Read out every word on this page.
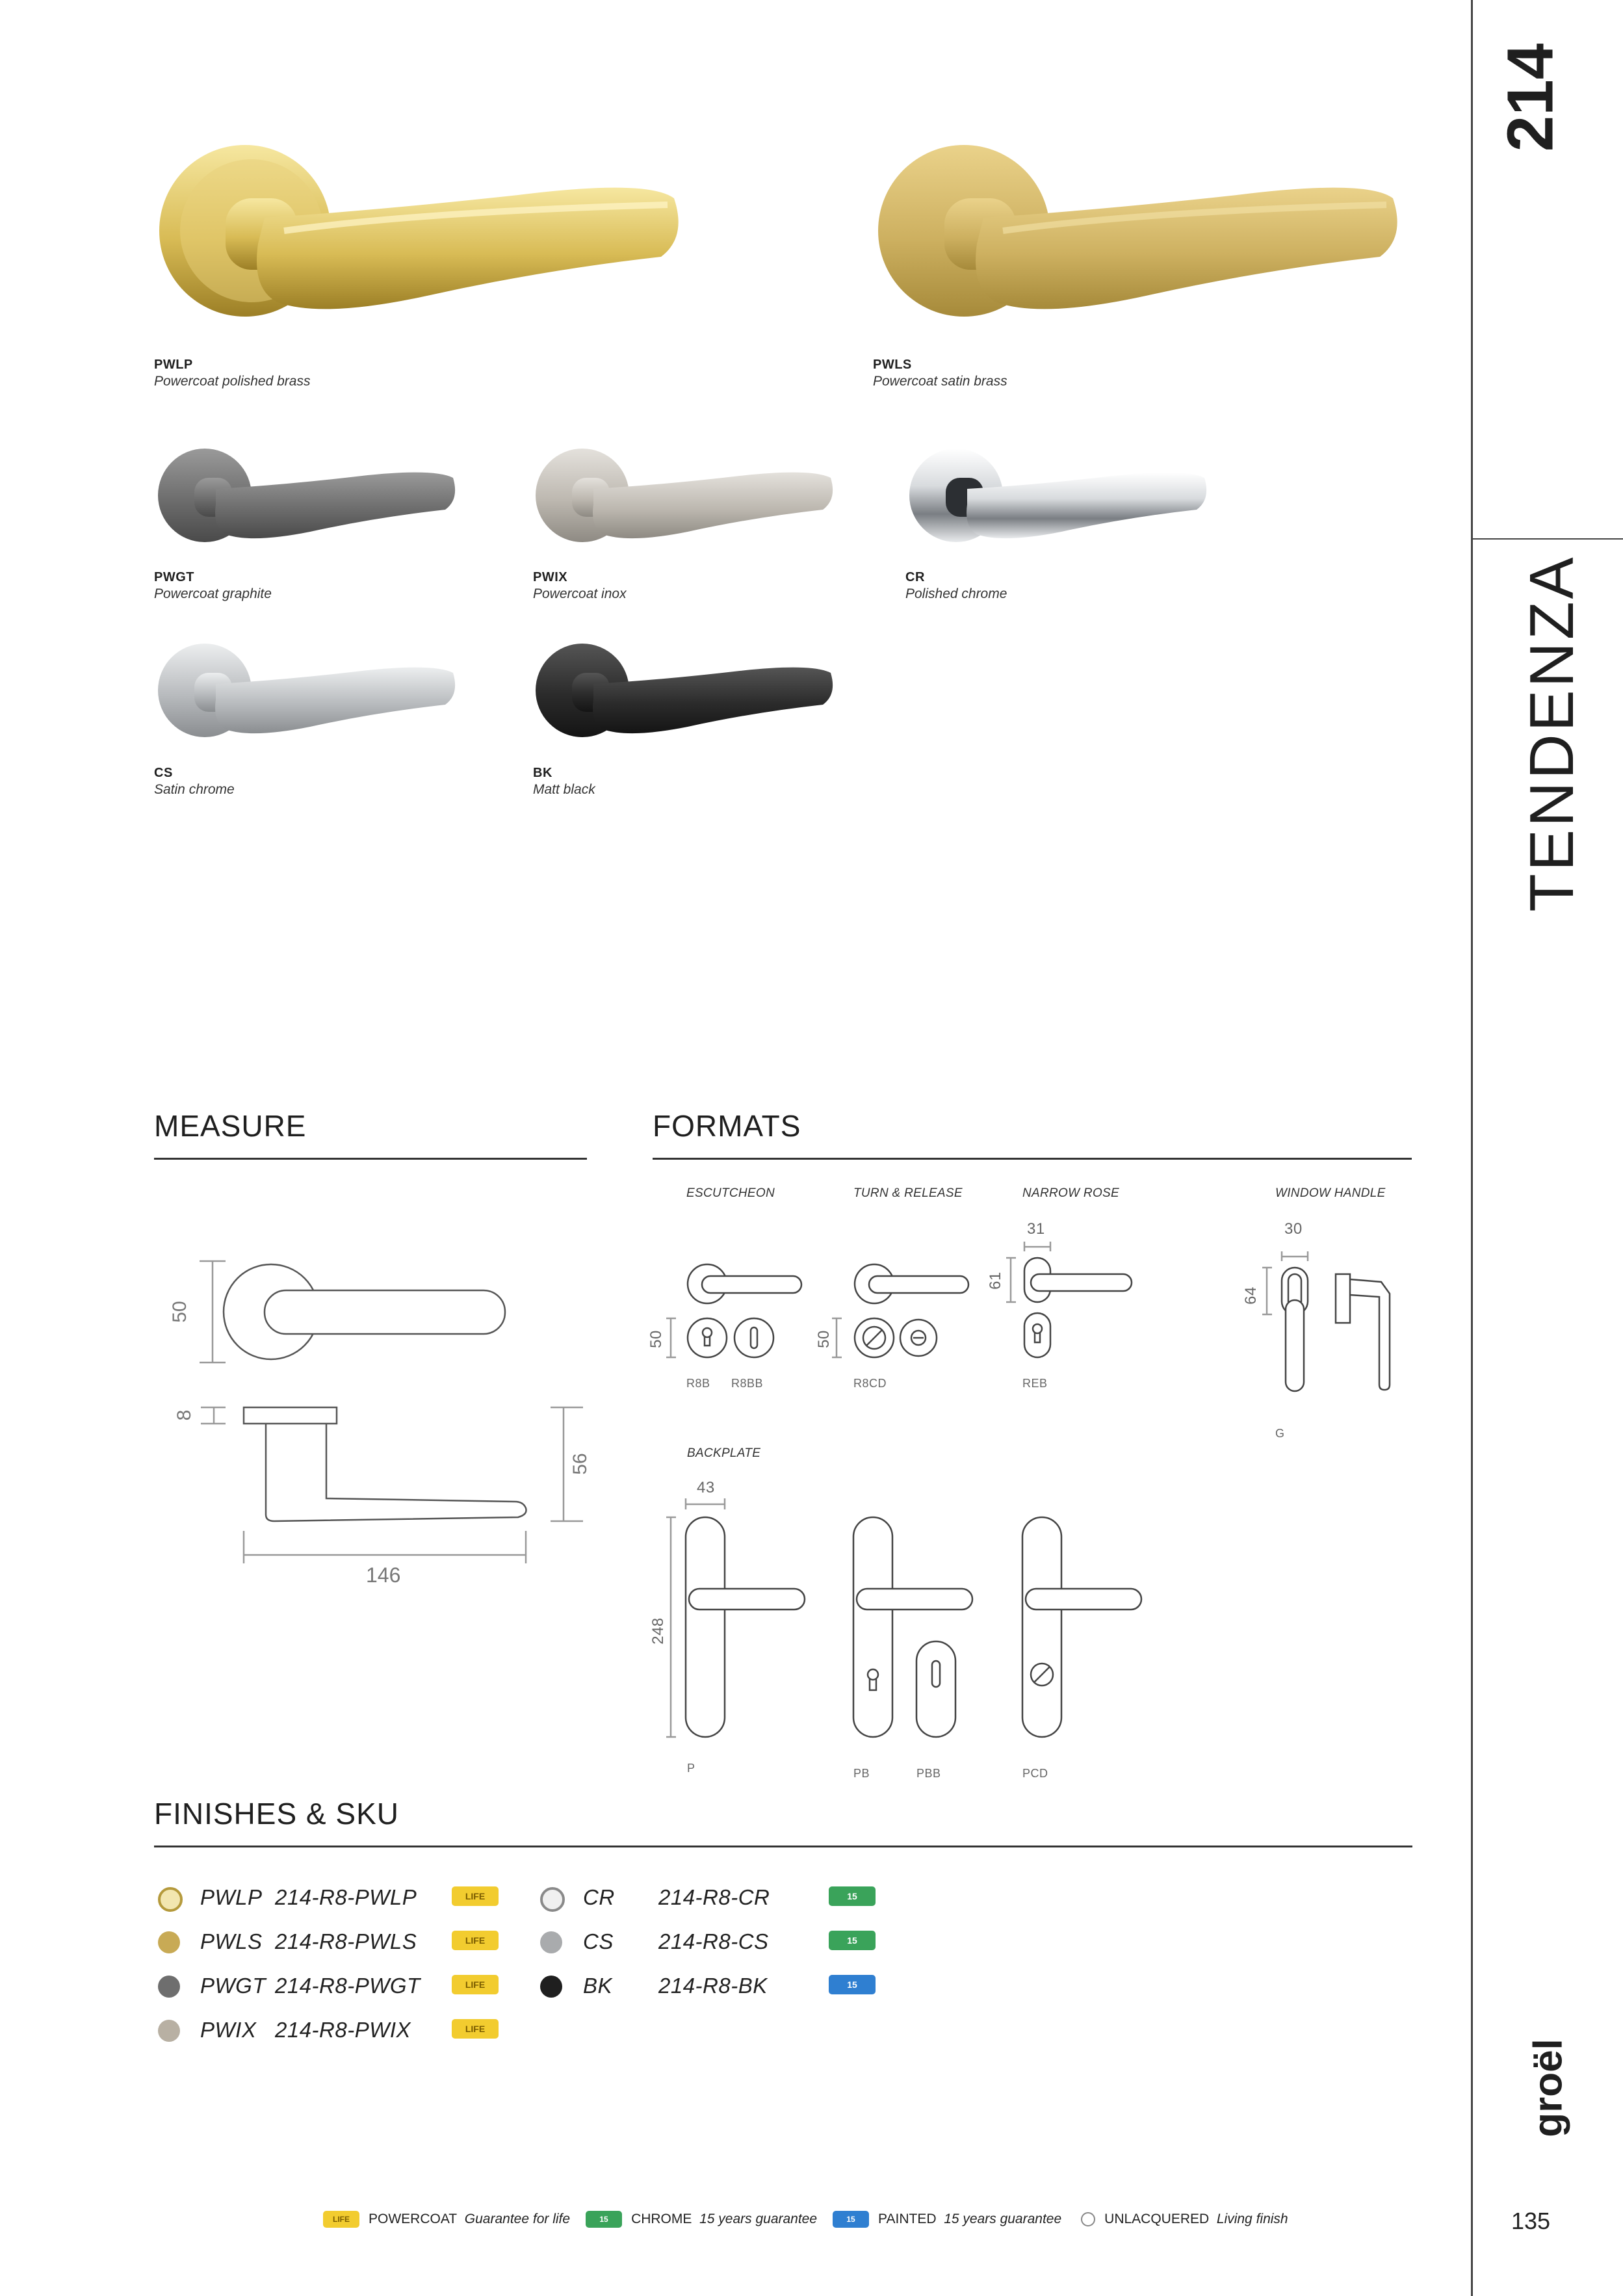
214
TENDENZA
groël
135
PWLP
Powercoat polished brass
PWLS
Powercoat satin brass
PWGT
Powercoat graphite
PWIX
Powercoat inox
CR
Polished chrome
CS
Satin chrome
BK
Matt black
MEASURE
50
8
56
146
FORMATS
ESCUTCHEON	TURN & RELEASE	NARROW ROSE	WINDOW HANDLE
50
R8B R8BB
50
R8CD
31
61
REB
30
64
G
BACKPLATE
43
248
P	PB	PBB	PCD
FINISHES & SKU
PWLP 214-R8-PWLP	LIFE
PWLS 214-R8-PWLS	LIFE
PWGT 214-R8-PWGT	LIFE
PWIX 214-R8-PWIX	LIFE
CR 214-R8-CR	15
CS 214-R8-CS	15
BK 214-R8-BK	15
LIFE POWERCOAT Guarantee for life	15 CHROME 15 years guarantee	15 PAINTED 15 years guarantee	UNLACQUERED Living finish
